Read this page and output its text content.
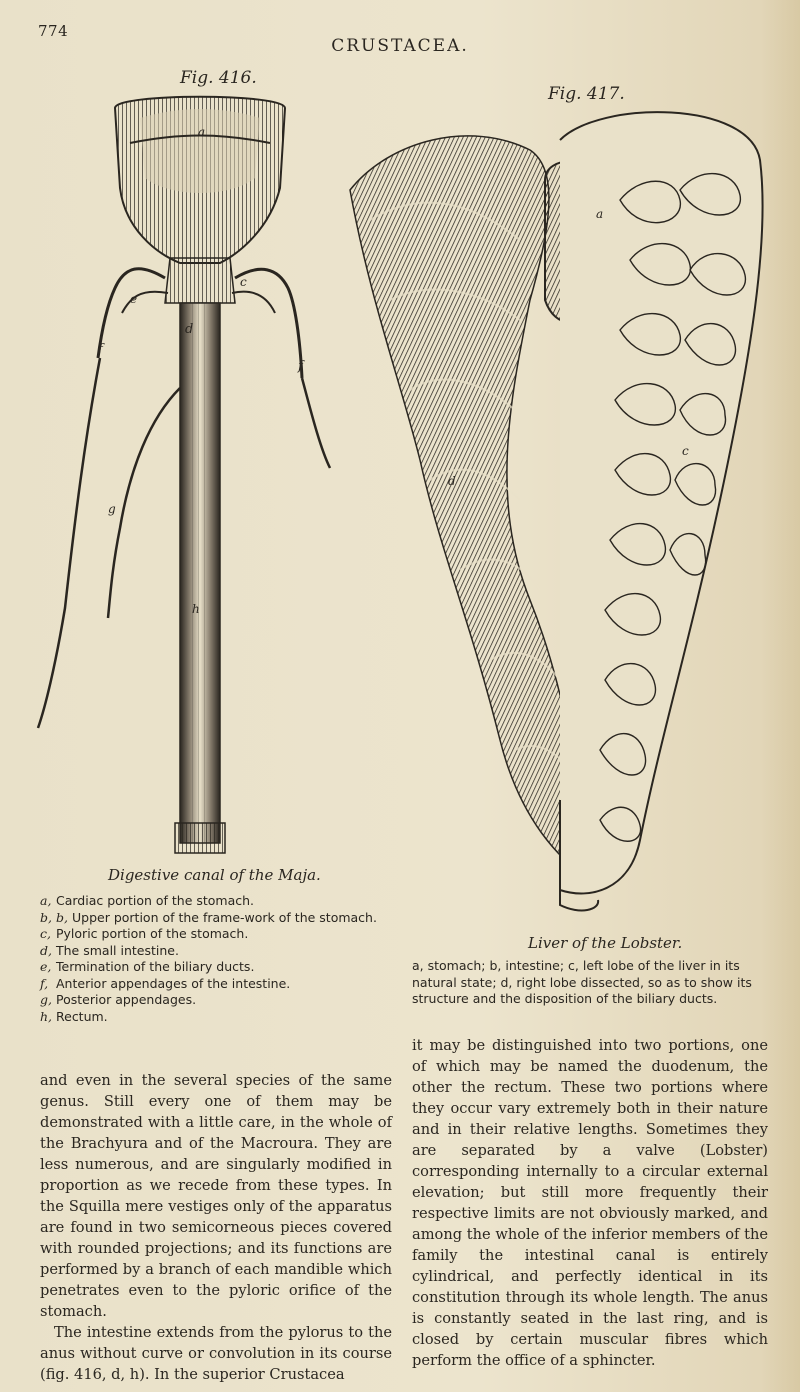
774
CRUSTACEA.
Fig. 416.
Fig. 417.
a
c
e
d
f
f
g
h
a
c
d
Digestive canal of the Maja.
Liver of the Lobster.
a, Cardiac portion of the stomach.
b, b, Upper portion of the frame-work of the stomach.
c, Pyloric portion of the stomach.
d, The small intestine.
e, Termination of the biliary ducts.
f, Anterior appendages of the intestine.
g, Posterior appendages.
h, Rectum.
a, stomach; b, intestine; c, left lobe of the liver in its natural state; d, right lobe dissected, so as to show its structure and the disposition of the biliary ducts.

and even in the several species of the same genus. Still every one of them may be demonstrated with a little care, in the whole of the Brachyura and of the Macroura. They are less numerous, and are singularly modified in proportion as we recede from these types. In the Squilla mere vestiges only of the apparatus are found in two semicorneous pieces covered with rounded projections; and its functions are performed by a branch of each mandible which penetrates even to the pyloric orifice of the stomach.

The intestine extends from the pylorus to the anus without curve or convolution in its course (fig. 416, d, h). In the superior Crustacea

it may be distinguished into two portions, one of which may be named the duodenum, the other the rectum. These two portions where they occur vary extremely both in their nature and in their relative lengths. Sometimes they are separated by a valve (Lobster) corresponding internally to a circular external elevation; but still more frequently their respective limits are not obviously marked, and among the whole of the inferior members of the family the intestinal canal is entirely cylindrical, and perfectly identical in its constitution through its whole length. The anus is constantly seated in the last ring, and is closed by certain muscular fibres which perform the office of a sphincter.
